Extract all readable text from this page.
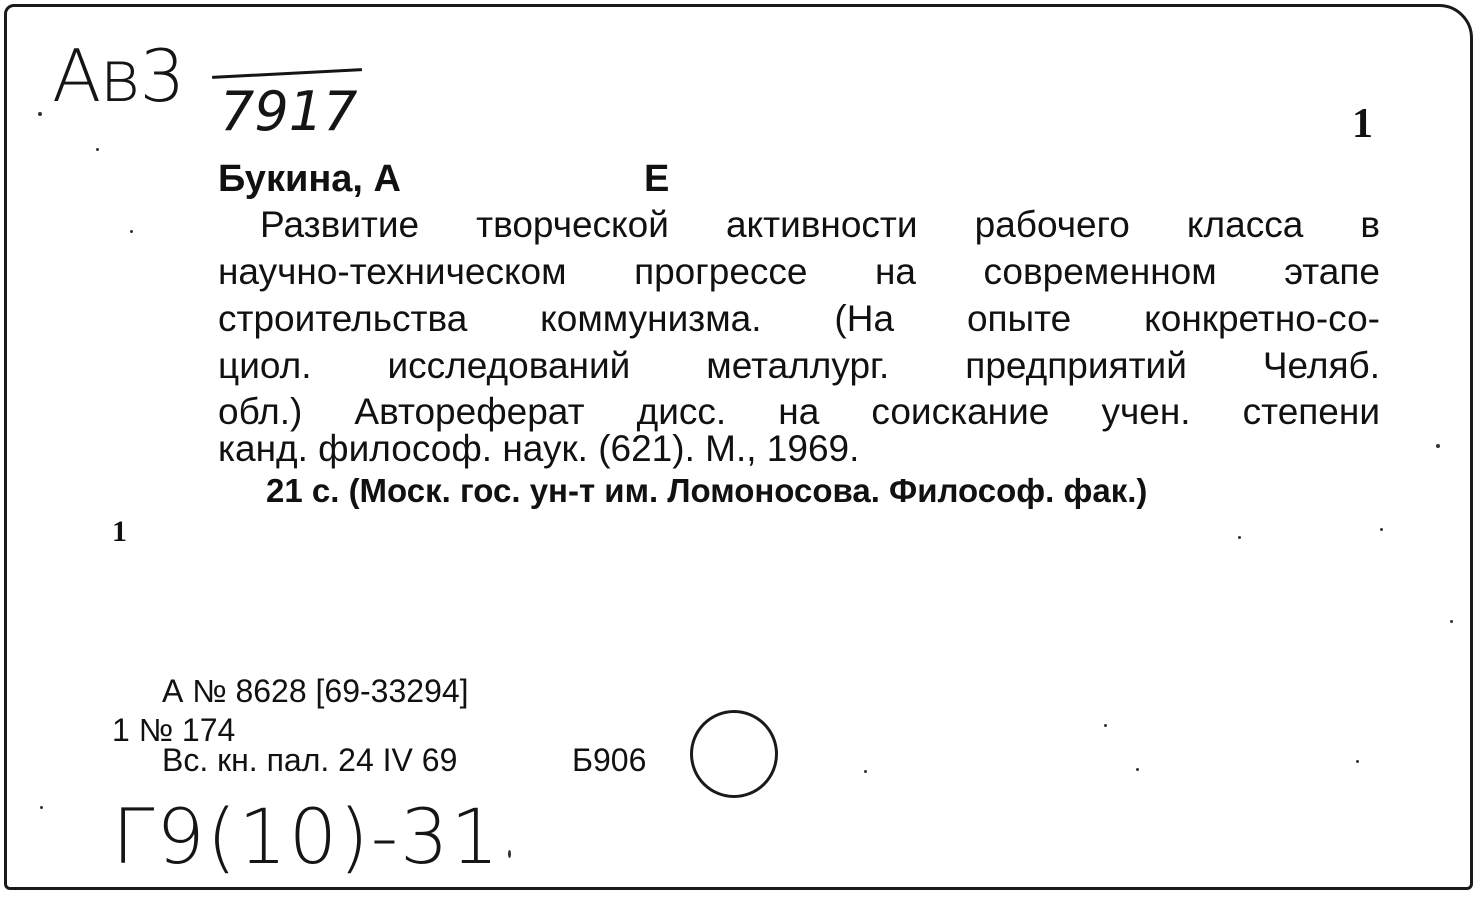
Ав3 7917	1
Букина, А	Е
Развитие творческой активности рабочего класса в
научно-техническом прогрессе на современном этапе
строительства коммунизма. (На опыте конкретно-со-
циол. исследований металлург. предприятий Челяб.
обл.) Автореферат дисс. на соискание учен. степени
канд. философ. наук. (621). М., 1969.
21 с. (Моск. гос. ун-т им. Ломоносова. Философ. фак.)
1
А № 8628 [69-33294]
1 № 174
Вс. кн. пал. 24 IV 69	Б906
Г9(10)-31
